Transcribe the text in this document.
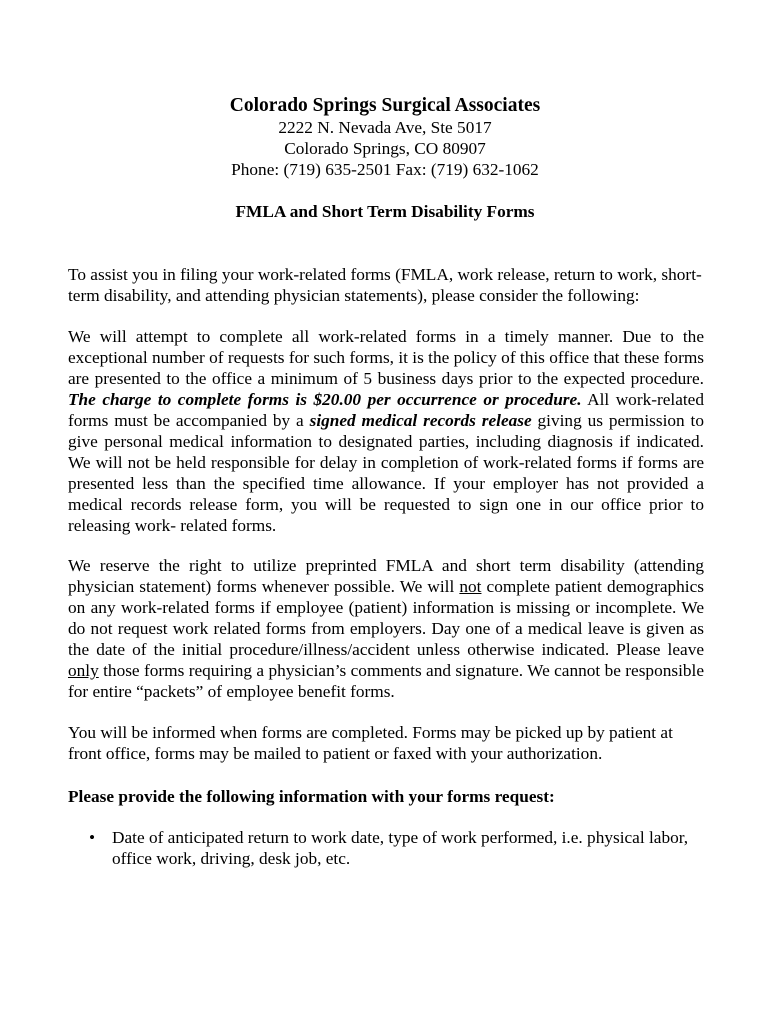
Colorado Springs Surgical Associates

2222 N. Nevada Ave, Ste 5017

Colorado Springs, CO 80907

Phone: (719) 635-2501 Fax: (719) 632-1062

FMLA and Short Term Disability Forms

To assist you in filing your work-related forms (FMLA, work release, return to work, short-term disability, and attending physician statements), please consider the following:

We will attempt to complete all work-related forms in a timely manner. Due to the exceptional number of requests for such forms, it is the policy of this office that these forms are presented to the office a minimum of 5 business days prior to the expected procedure. The charge to complete forms is $20.00 per occurrence or procedure. All work-related forms must be accompanied by a signed medical records release giving us permission to give personal medical information to designated parties, including diagnosis if indicated. We will not be held responsible for delay in completion of work-related forms if forms are presented less than the specified time allowance. If your employer has not provided a medical records release form, you will be requested to sign one in our office prior to releasing work- related forms.

We reserve the right to utilize preprinted FMLA and short term disability (attending physician statement) forms whenever possible. We will not complete patient demographics on any work-related forms if employee (patient) information is missing or incomplete. We do not request work related forms from employers. Day one of a medical leave is given as the date of the initial procedure/illness/accident unless otherwise indicated. Please leave only those forms requiring a physician’s comments and signature. We cannot be responsible for entire “packets” of employee benefit forms.

You will be informed when forms are completed. Forms may be picked up by patient at front office, forms may be mailed to patient or faxed with your authorization.

Please provide the following information with your forms request:

• Date of anticipated return to work date, type of work performed, i.e. physical labor, office work, driving, desk job, etc.
